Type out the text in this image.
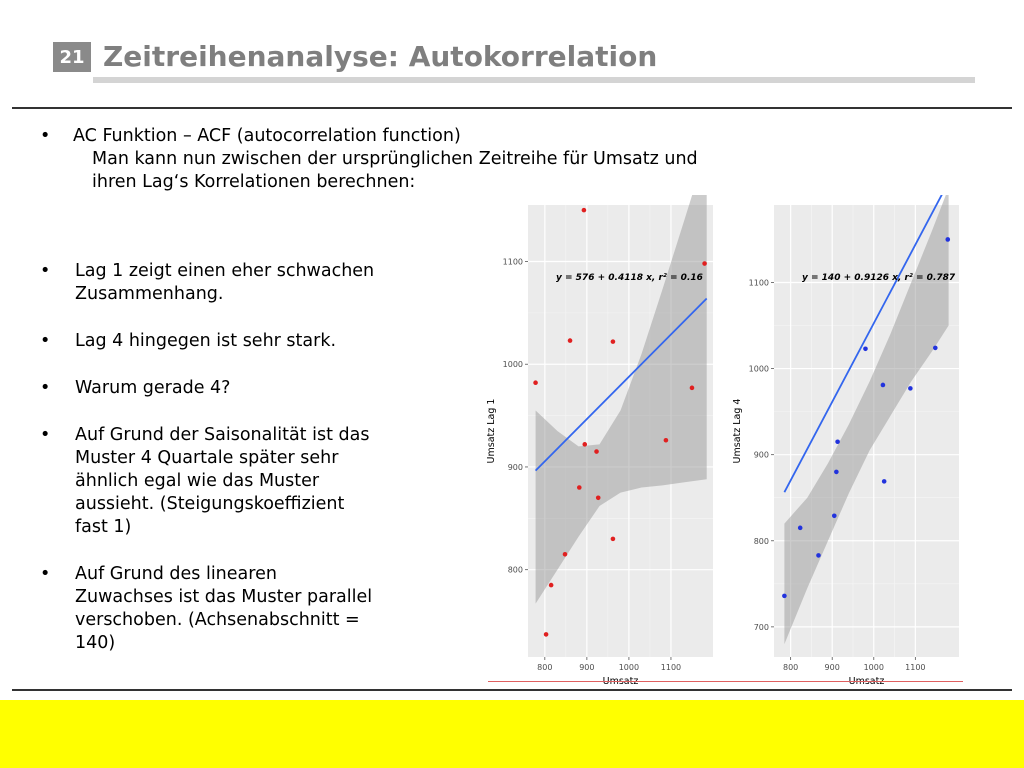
21 Zeitreihenanalyse: Autokorrelation
•	AC Funktion – ACF (autocorrelation function)
Man kann nun zwischen der ursprünglichen Zeitreihe für Umsatz und
ihren Lag‘s Korrelationen berechnen:
•	Lag 1 zeigt einen eher schwachen
Zusammenhang.
•	Lag 4 hingegen ist sehr stark.
•	Warum gerade 4?
•	Auf Grund der Saisonalität ist das
Muster 4 Quartale später sehr
ähnlich egal wie das Muster
aussieht. (Steigungskoeffizient
fast 1)
•	Auf Grund des linearen
Zuwachses ist das Muster parallel
verschoben. (Achsenabschnitt =
140)
800	900	1000	1100
800
900
1000
1100
y = 576 + 0.4118 x, r² = 0.16
Umsatz Lag 1
800	900	1000	1100
700
800
900
1000
1100	y = 140 + 0.9126 x, r² = 0.787
Umsatz Lag 4
